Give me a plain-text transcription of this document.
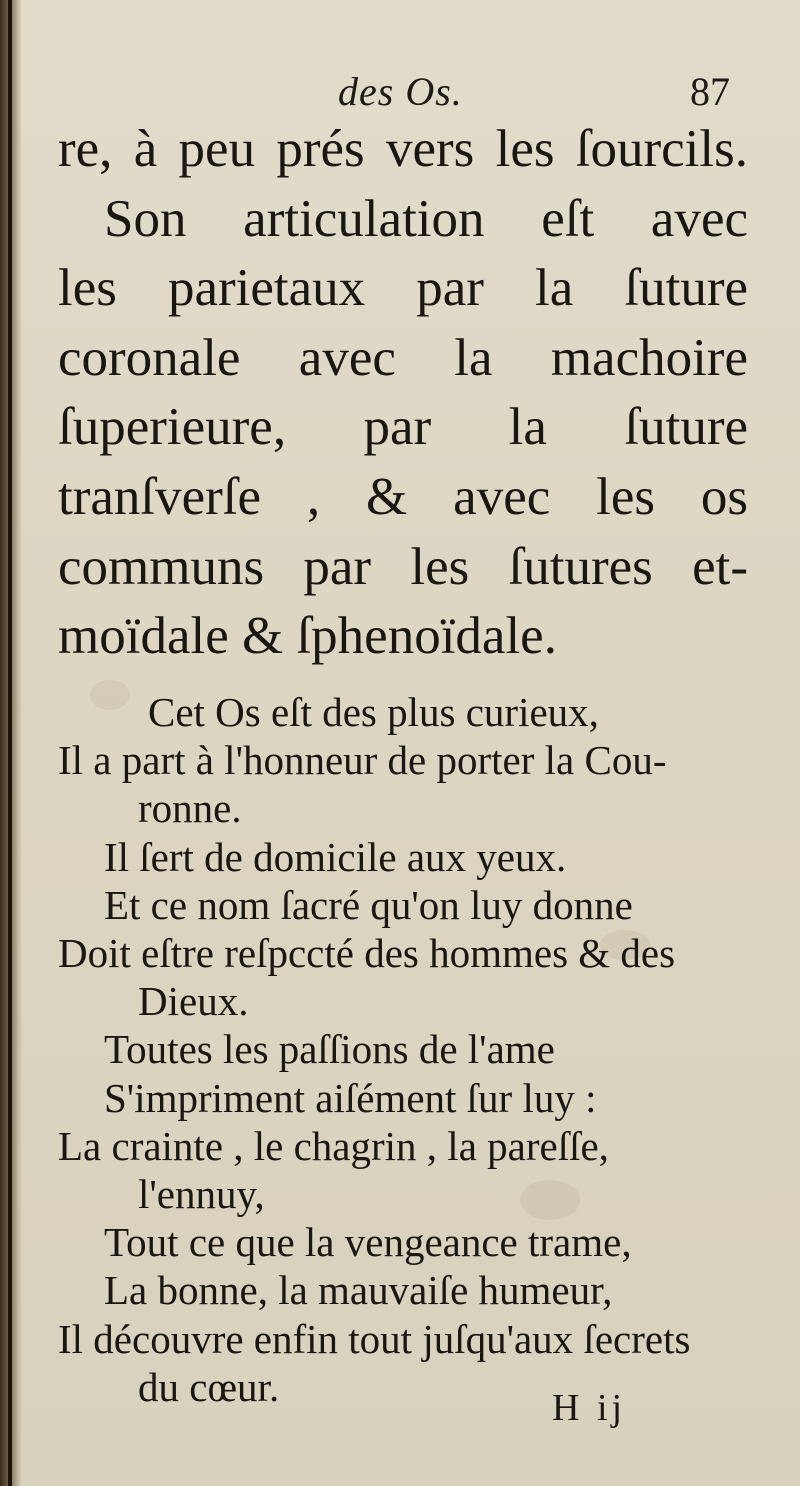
des Os.	87
re, à peu prés vers les ſourcils.
Son articulation eſt avec
les parietaux par la ſuture
coronale avec la machoire
ſuperieure, par la ſuture
tranſverſe , & avec les os
communs par les ſutures et-
moïdale & ſphenoïdale.
Cet Os eſt des plus curieux,
Il a part à l'honneur de porter la Cou-
ronne.
Il ſert de domicile aux yeux.
Et ce nom ſacré qu'on luy donne
Doit eſtre reſpccté des hommes & des
Dieux.
Toutes les paſſions de l'ame
S'impriment aiſément ſur luy :
La crainte , le chagrin , la pareſſe,
l'ennuy,
Tout ce que la vengeance trame,
La bonne, la mauvaiſe humeur,
Il découvre enfin tout juſqu'aux ſecrets
du cœur.	H ij
